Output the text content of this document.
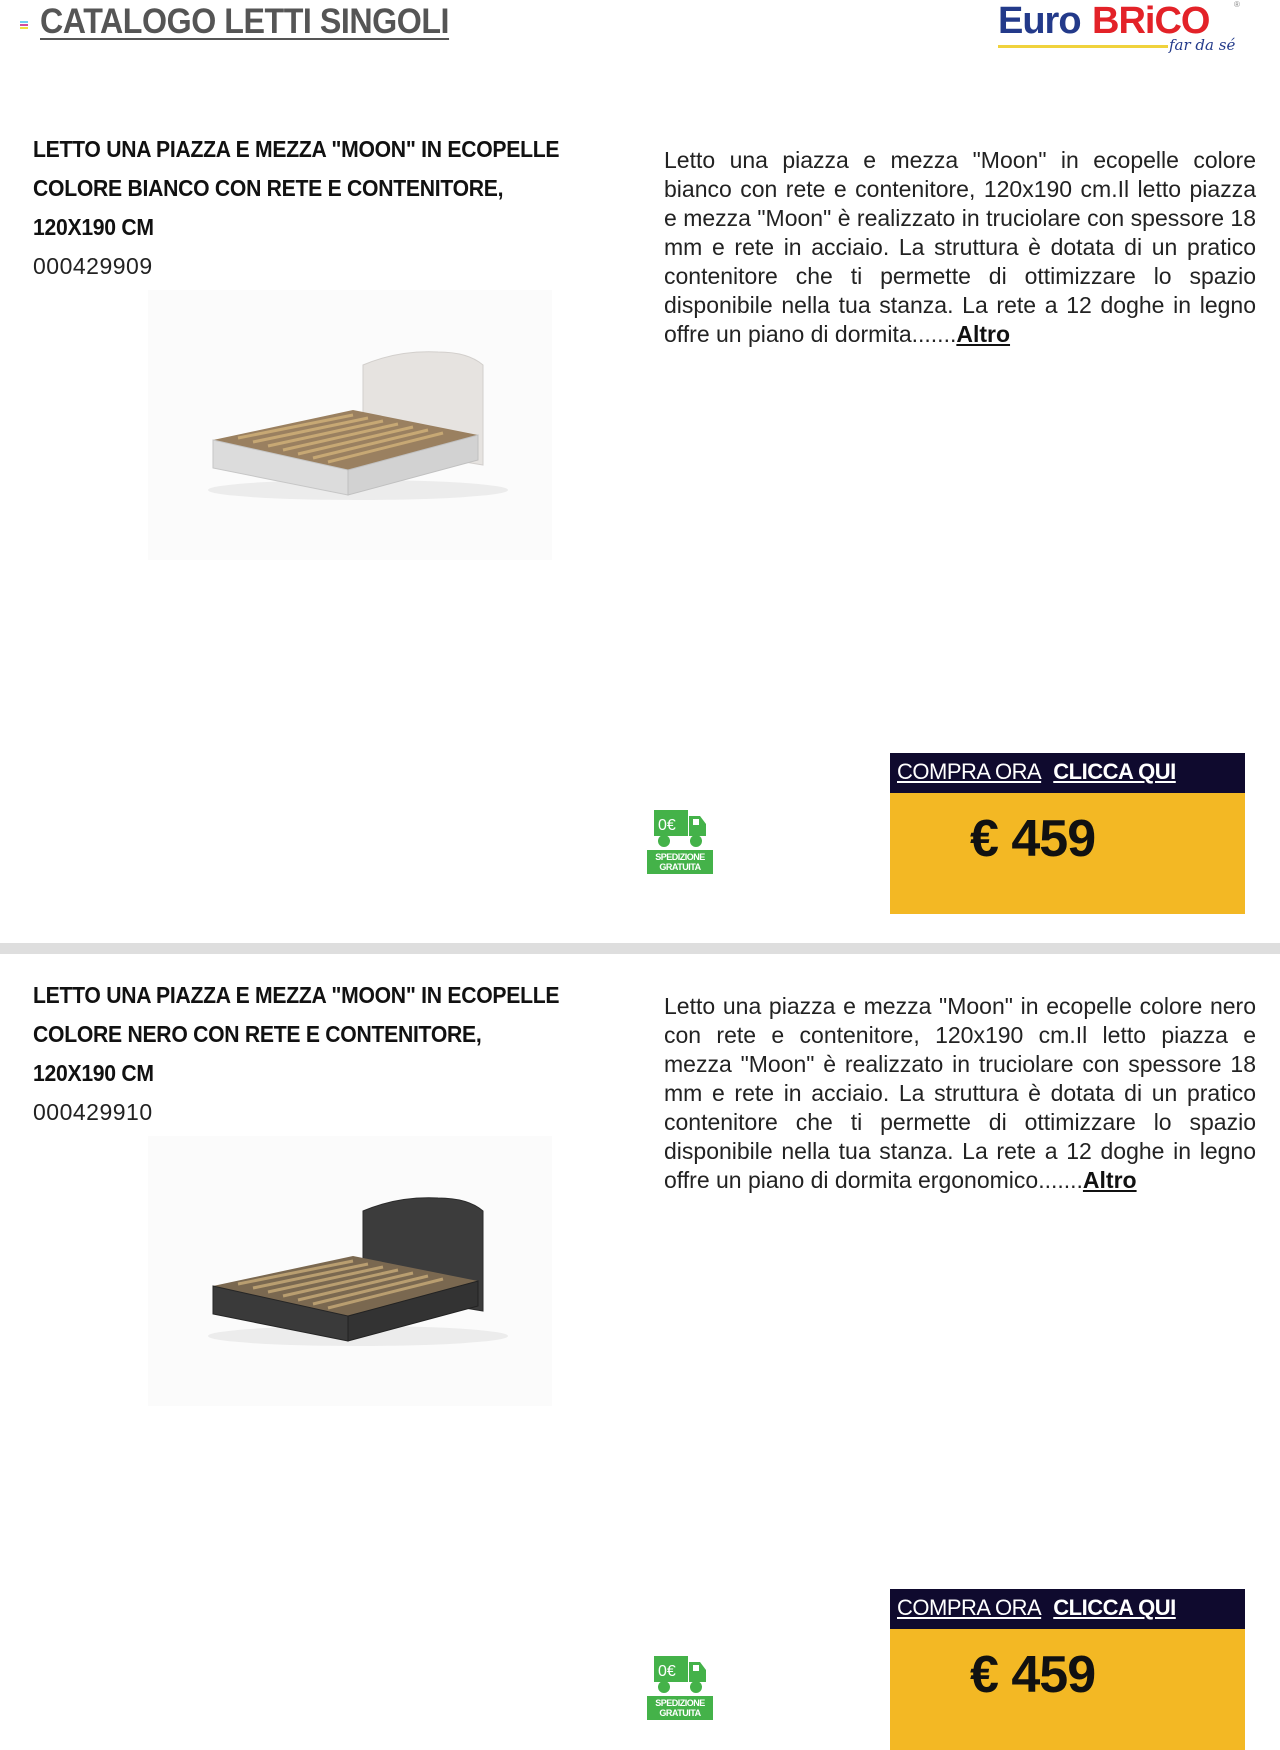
CATALOGO LETTI SINGOLI	Euro BRiCO	®
far da sé
LETTO UNA PIAZZA E MEZZA "MOON" IN ECOPELLE
COLORE BIANCO CON RETE E CONTENITORE,
120X190 CM
000429909
Letto una piazza e mezza "Moon" in ecopelle colore bianco con rete e contenitore, 120x190 cm.Il letto piazza e mezza "Moon" è realizzato in truciolare con spessore 18 mm e rete in acciaio. La struttura è dotata di un pratico contenitore che ti permette di ottimizzare lo spazio disponibile nella tua stanza. La rete a 12 doghe in legno offre un piano di dormita.......Altro
0€
SPEDIZIONE
GRATUITA
COMPRA ORA CLICCA QUI
€ 459
LETTO UNA PIAZZA E MEZZA "MOON" IN ECOPELLE
COLORE NERO CON RETE E CONTENITORE,
120X190 CM
000429910
Letto una piazza e mezza "Moon" in ecopelle colore nero con rete e contenitore, 120x190 cm.Il letto piazza e mezza "Moon" è realizzato in truciolare con spessore 18 mm e rete in acciaio. La struttura è dotata di un pratico contenitore che ti permette di ottimizzare lo spazio disponibile nella tua stanza. La rete a 12 doghe in legno offre un piano di dormita ergonomico.......Altro
0€
SPEDIZIONE
GRATUITA
COMPRA ORA CLICCA QUI
€ 459
